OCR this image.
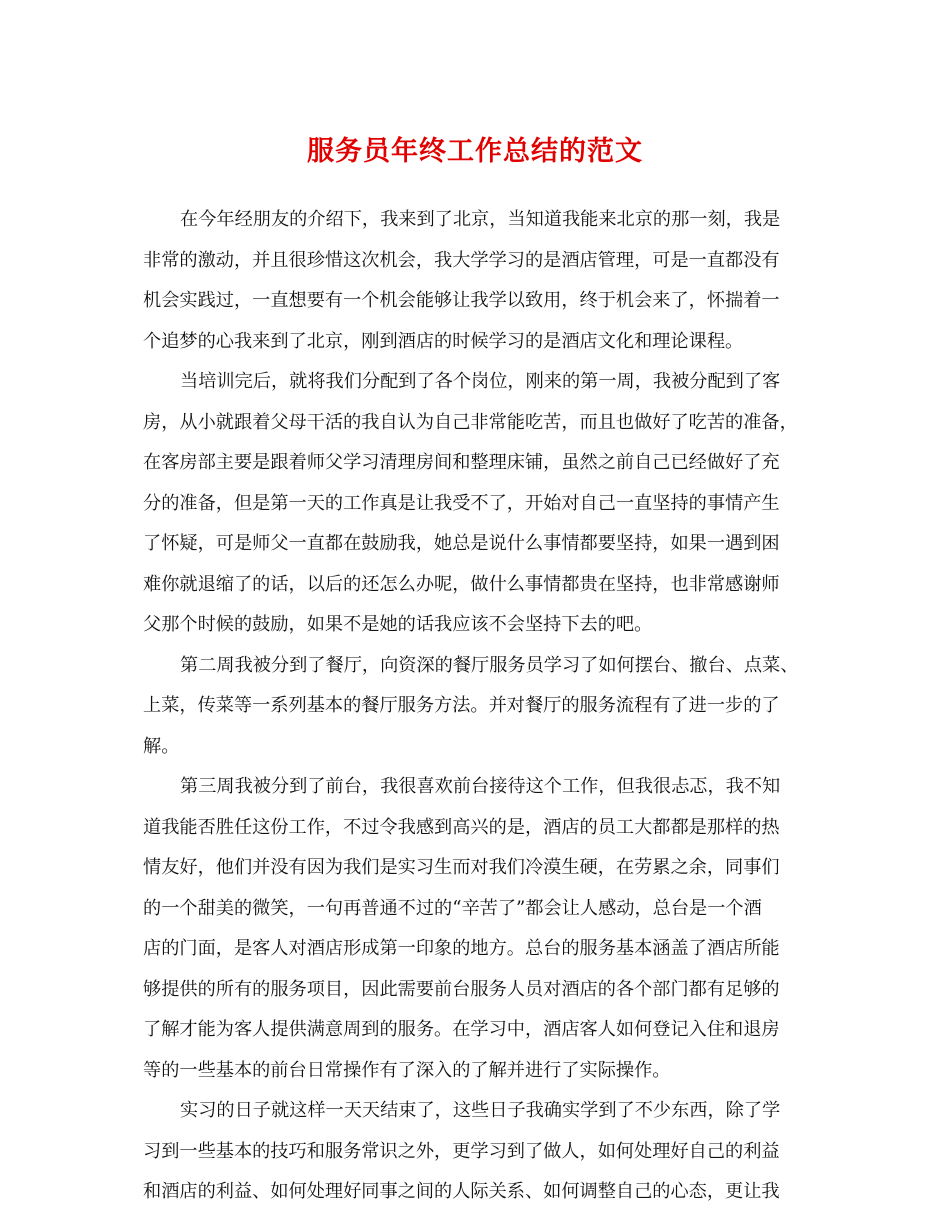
服务员年终工作总结的范文
在今年经朋友的介绍下，我来到了北京，当知道我能来北京的那一刻，我是
非常的激动，并且很珍惜这次机会，我大学学习的是酒店管理，可是一直都没有
机会实践过，一直想要有一个机会能够让我学以致用，终于机会来了，怀揣着一
个追梦的心我来到了北京，刚到酒店的时候学习的是酒店文化和理论课程。
当培训完后，就将我们分配到了各个岗位，刚来的第一周，我被分配到了客
房，从小就跟着父母干活的我自认为自己非常能吃苦，而且也做好了吃苦的准备，
在客房部主要是跟着师父学习清理房间和整理床铺，虽然之前自己已经做好了充
分的准备，但是第一天的工作真是让我受不了，开始对自己一直坚持的事情产生
了怀疑，可是师父一直都在鼓励我，她总是说什么事情都要坚持，如果一遇到困
难你就退缩了的话，以后的还怎么办呢，做什么事情都贵在坚持，也非常感谢师
父那个时候的鼓励，如果不是她的话我应该不会坚持下去的吧。
第二周我被分到了餐厅，向资深的餐厅服务员学习了如何摆台、撤台、点菜、
上菜，传菜等一系列基本的餐厅服务方法。并对餐厅的服务流程有了进一步的了
解。
第三周我被分到了前台，我很喜欢前台接待这个工作，但我很忐忑，我不知
道我能否胜任这份工作，不过令我感到高兴的是，酒店的员工大都都是那样的热
情友好，他们并没有因为我们是实习生而对我们冷漠生硬，在劳累之余，同事们
的一个甜美的微笑，一句再普通不过的“辛苦了”都会让人感动，总台是一个酒
店的门面，是客人对酒店形成第一印象的地方。总台的服务基本涵盖了酒店所能
够提供的所有的服务项目，因此需要前台服务人员对酒店的各个部门都有足够的
了解才能为客人提供满意周到的服务。在学习中，酒店客人如何登记入住和退房
等的一些基本的前台日常操作有了深入的了解并进行了实际操作。
实习的日子就这样一天天结束了，这些日子我确实学到了不少东西，除了学
习到一些基本的技巧和服务常识之外，更学习到了做人，如何处理好自己的利益
和酒店的利益、如何处理好同事之间的人际关系、如何调整自己的心态，更让我
